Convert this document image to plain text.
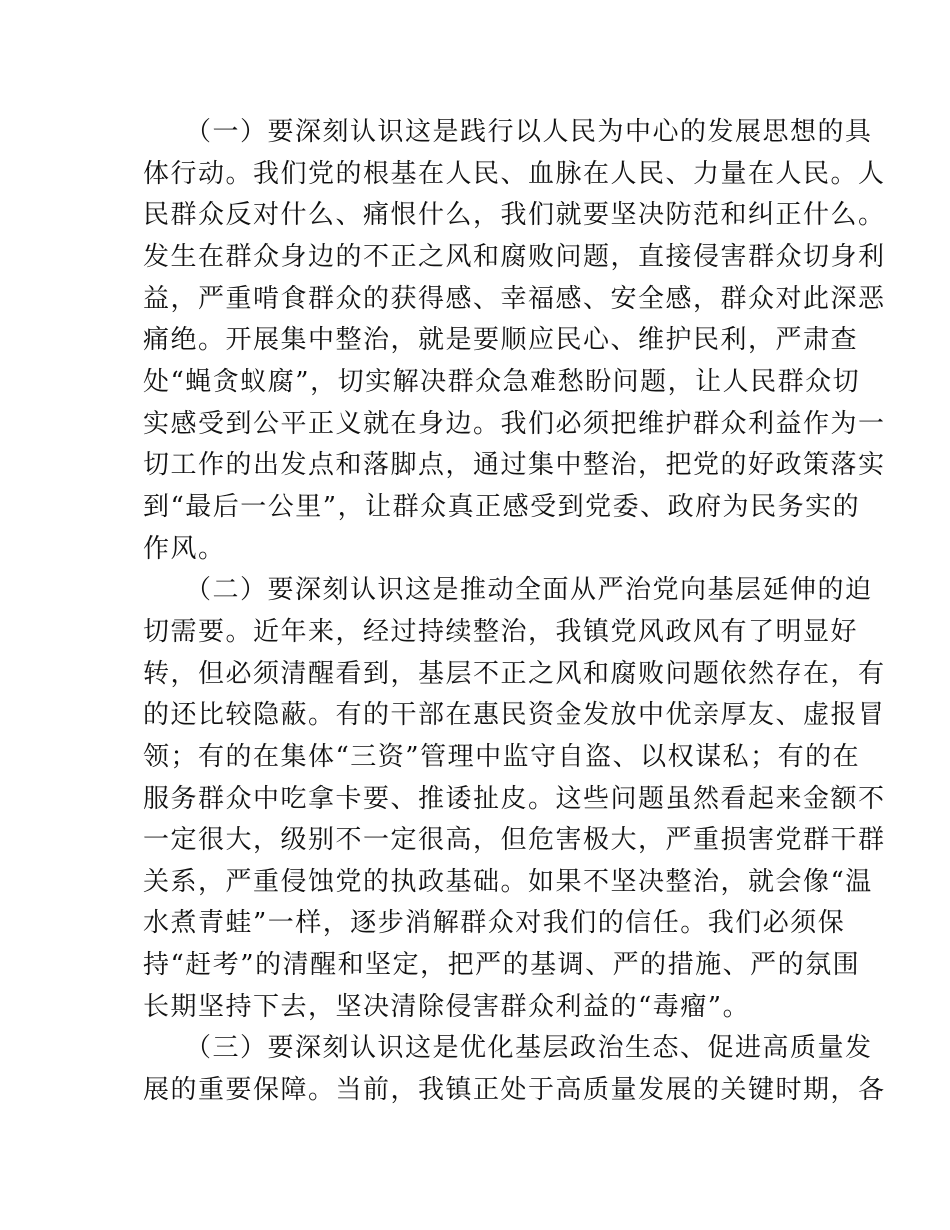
（一）要深刻认识这是践行以人民为中心的发展思想的具
体行动。我们党的根基在人民、血脉在人民、力量在人民。人
民群众反对什么、痛恨什么，我们就要坚决防范和纠正什么。
发生在群众身边的不正之风和腐败问题，直接侵害群众切身利
益，严重啃食群众的获得感、幸福感、安全感，群众对此深恶
痛绝。开展集中整治，就是要顺应民心、维护民利，严肃查
处“蝇贪蚁腐”，切实解决群众急难愁盼问题，让人民群众切
实感受到公平正义就在身边。我们必须把维护群众利益作为一
切工作的出发点和落脚点，通过集中整治，把党的好政策落实
到“最后一公里”，让群众真正感受到党委、政府为民务实的
作风。
（二）要深刻认识这是推动全面从严治党向基层延伸的迫
切需要。近年来，经过持续整治，我镇党风政风有了明显好
转，但必须清醒看到，基层不正之风和腐败问题依然存在，有
的还比较隐蔽。有的干部在惠民资金发放中优亲厚友、虚报冒
领；有的在集体“三资”管理中监守自盗、以权谋私；有的在
服务群众中吃拿卡要、推诿扯皮。这些问题虽然看起来金额不
一定很大，级别不一定很高，但危害极大，严重损害党群干群
关系，严重侵蚀党的执政基础。如果不坚决整治，就会像“温
水煮青蛙”一样，逐步消解群众对我们的信任。我们必须保
持“赶考”的清醒和坚定，把严的基调、严的措施、严的氛围
长期坚持下去，坚决清除侵害群众利益的“毒瘤”。
（三）要深刻认识这是优化基层政治生态、促进高质量发
展的重要保障。当前，我镇正处于高质量发展的关键时期，各
